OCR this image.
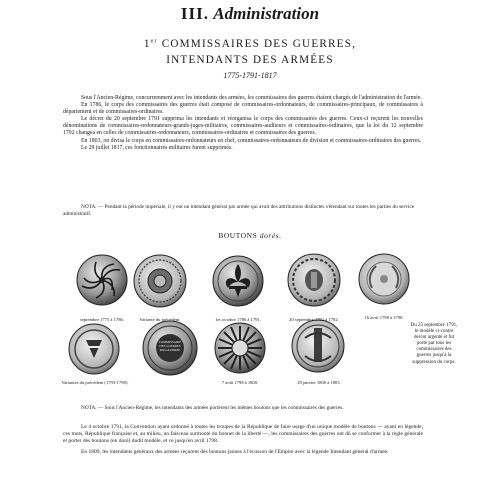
III. Administration
1er COMMISSAIRES DES GUERRES,
INTENDANTS DES ARMÉES
1775-1791-1817

Sous l'Ancien-Régime, concurremment avec les intendants des armées, les commissaires des guerres étaient chargés de l'administration de l'armée.

En 1786, le corps des commissaires des guerres était composé de commissaires-ordonnateurs, de commissaires-principaux, de commissaires à département et de commissaires-ordinaires.

Le décret du 20 septembre 1791 supprima les intendants et réorganisa le corps des commissaires des guerres. Ceux-ci reçurent les nouvelles dénominations de commissaires-ordonnateurs-grands-juges-militaires, commissaires-auditeurs et commissaires-ordinaires, que la loi du 12 septembre 1792 changea en celles de commissaires-ordonnateurs, commissaires-ordinaires et commissaires des guerres.

En 1803, on divisa le corps en commissaires-ordonnateurs en chef, commissaires-ordonnateurs de division et commissaires-ordinaires des guerres.

Le 29 juillet 1817, ces fonctionnaires militaires furent supprimés.

NOTA. — Pendant la période impériale, il y eut un intendant général par armée qui avait des attributions distinctes s'étendant sur toutes les parties du service administratif.

BOUTONS dorés.
COMMISSAIRE
DES GUERRES
MILLAUDREE
septembre 1775 à 1786.	Variante du précédent.	1er octobre 1786 à 1791.	20 septembre 1791 à 1792.	16 avril 1798 à 1798.
Du 25 septembre 1791, le modèle ci-contre devint argenté et fut porté par tous les commissaires des guerres jusqu'à la suppression du corps.
Variantes du précédent (1793-1798).	7 août 1798 à 1800.	29 janvier 1800 à 1803.

NOTA. — Sous l'Ancien-Régime, les intendants des armées portèrent les mêmes boutons que les commissaires des guerres.

Le 4 octobre 1791, la Convention ayant ordonné à toutes les troupes de la République de faire usage d'un unique modèle de boutons — ayant en légende, ces mots, République française et, au milieu, un faisceau surmonté du bonnet de la liberté —, les commissaires des guerres ont dû se conformer à la règle générale et porter des boutons (en doré) dudit modèle, et ce jusqu'en avril 1798.

En 1809, les intendants généraux des armées reçurent des boutons jaunes à l'écusson de l'Empire avec la légende Intendant général d'armée.
